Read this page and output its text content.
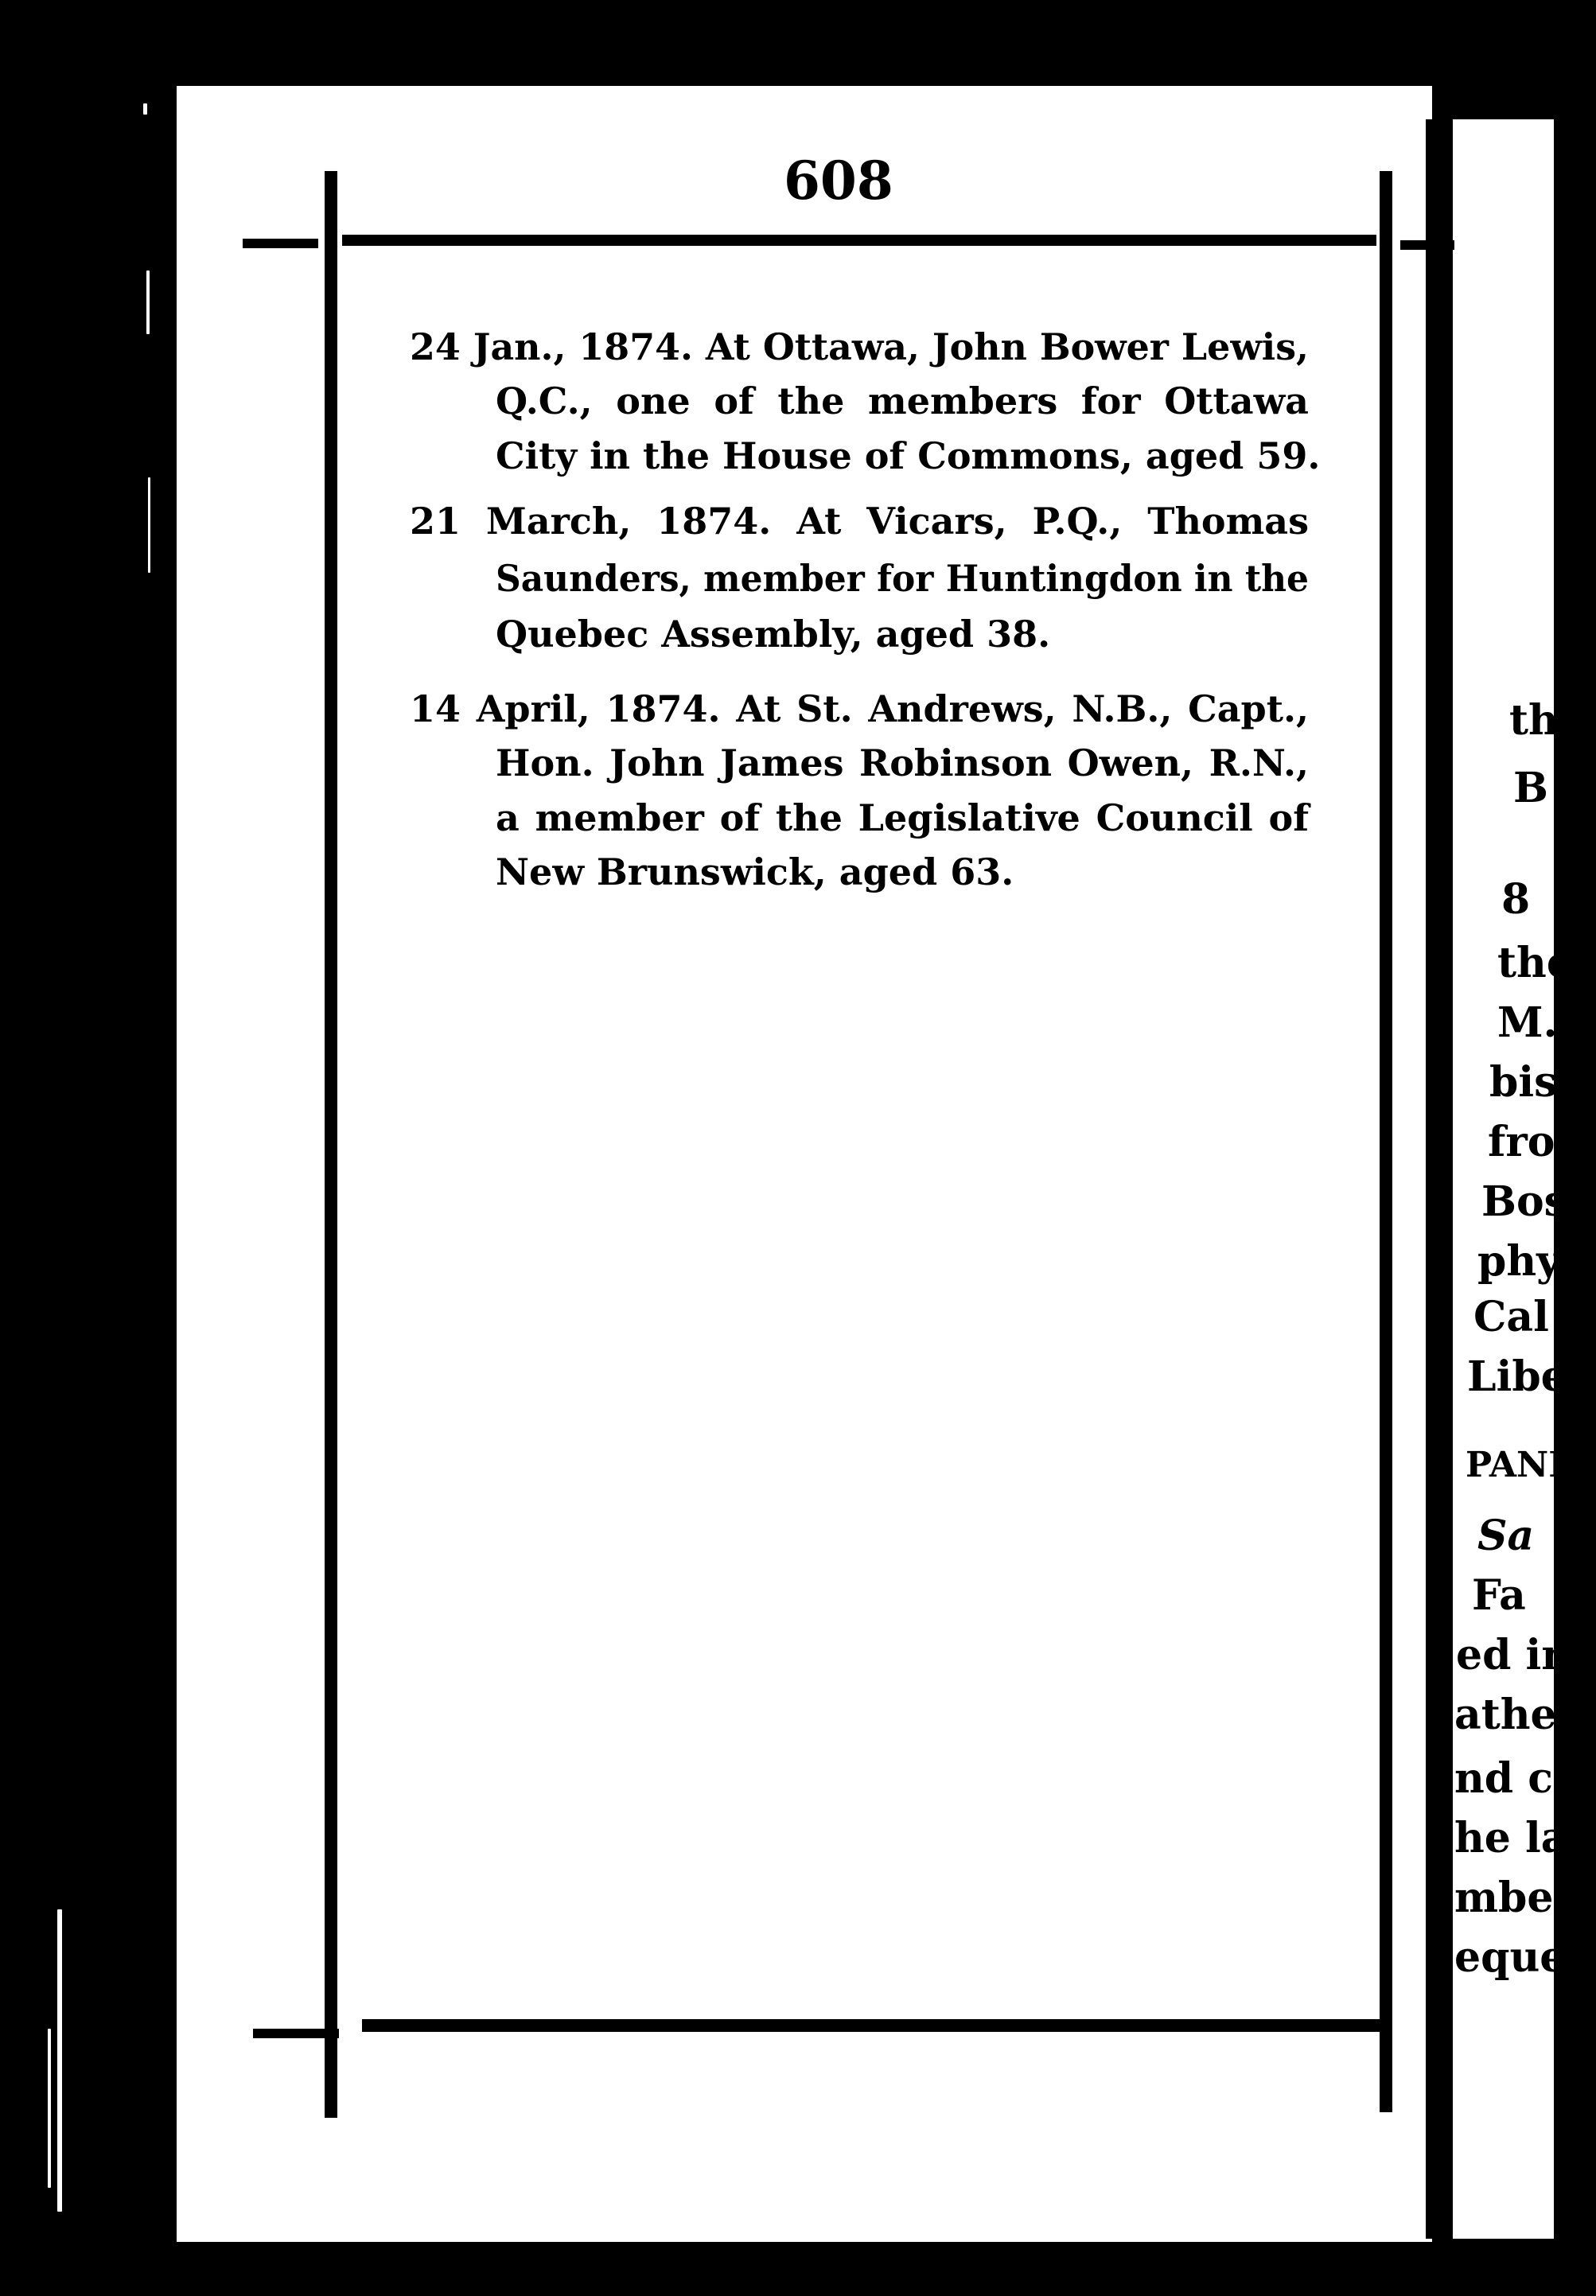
th
B
8
the
M.
bis
fro
Bos
phy
Cal
Libe
PANE
Sa
Fa
ed in
ather
nd ca
he la
mber
equen
608
24 Jan., 1874. At Ottawa, John Bower Lewis,
Q.C., one of the members for Ottawa
City in the House of Commons, aged 59.
21 March, 1874. At Vicars, P.Q., Thomas
Saunders, member for Huntingdon in the
Quebec Assembly, aged 38.
14 April, 1874. At St. Andrews, N.B., Capt.,
Hon. John James Robinson Owen, R.N.,
a member of the Legislative Council of
New Brunswick, aged 63.
